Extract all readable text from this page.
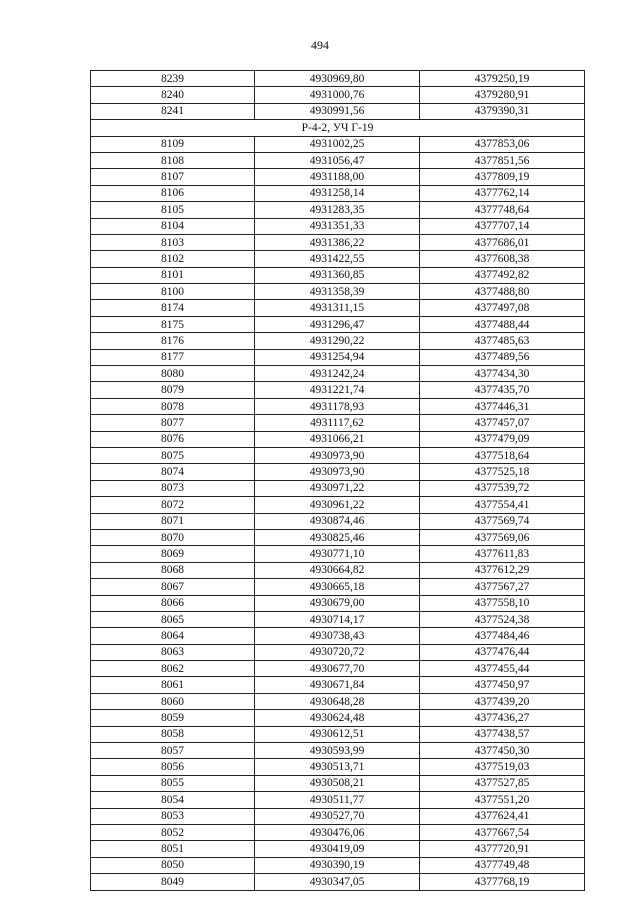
494
8239	4930969,80	4379250,19
8240	4931000,76	4379280,91
8241	4930991,56	4379390,31
Р-4-2, УЧ Г-19		
8109	4931002,25	4377853,06
8108	4931056,47	4377851,56
8107	4931188,00	4377809,19
8106	4931258,14	4377762,14
8105	4931283,35	4377748,64
8104	4931351,33	4377707,14
8103	4931386,22	4377686,01
8102	4931422,55	4377608,38
8101	4931360,85	4377492,82
8100	4931358,39	4377488,80
8174	4931311,15	4377497,08
8175	4931296,47	4377488,44
8176	4931290,22	4377485,63
8177	4931254,94	4377489,56
8080	4931242,24	4377434,30
8079	4931221,74	4377435,70
8078	4931178,93	4377446,31
8077	4931117,62	4377457,07
8076	4931066,21	4377479,09
8075	4930973,90	4377518,64
8074	4930973,90	4377525,18
8073	4930971,22	4377539,72
8072	4930961,22	4377554,41
8071	4930874,46	4377569,74
8070	4930825,46	4377569,06
8069	4930771,10	4377611,83
8068	4930664,82	4377612,29
8067	4930665,18	4377567,27
8066	4930679,00	4377558,10
8065	4930714,17	4377524,38
8064	4930738,43	4377484,46
8063	4930720,72	4377476,44
8062	4930677,70	4377455,44
8061	4930671,84	4377450,97
8060	4930648,28	4377439,20
8059	4930624,48	4377436,27
8058	4930612,51	4377438,57
8057	4930593,99	4377450,30
8056	4930513,71	4377519,03
8055	4930508,21	4377527,85
8054	4930511,77	4377551,20
8053	4930527,70	4377624,41
8052	4930476,06	4377667,54
8051	4930419,09	4377720,91
8050	4930390,19	4377749,48
8049	4930347,05	4377768,19
